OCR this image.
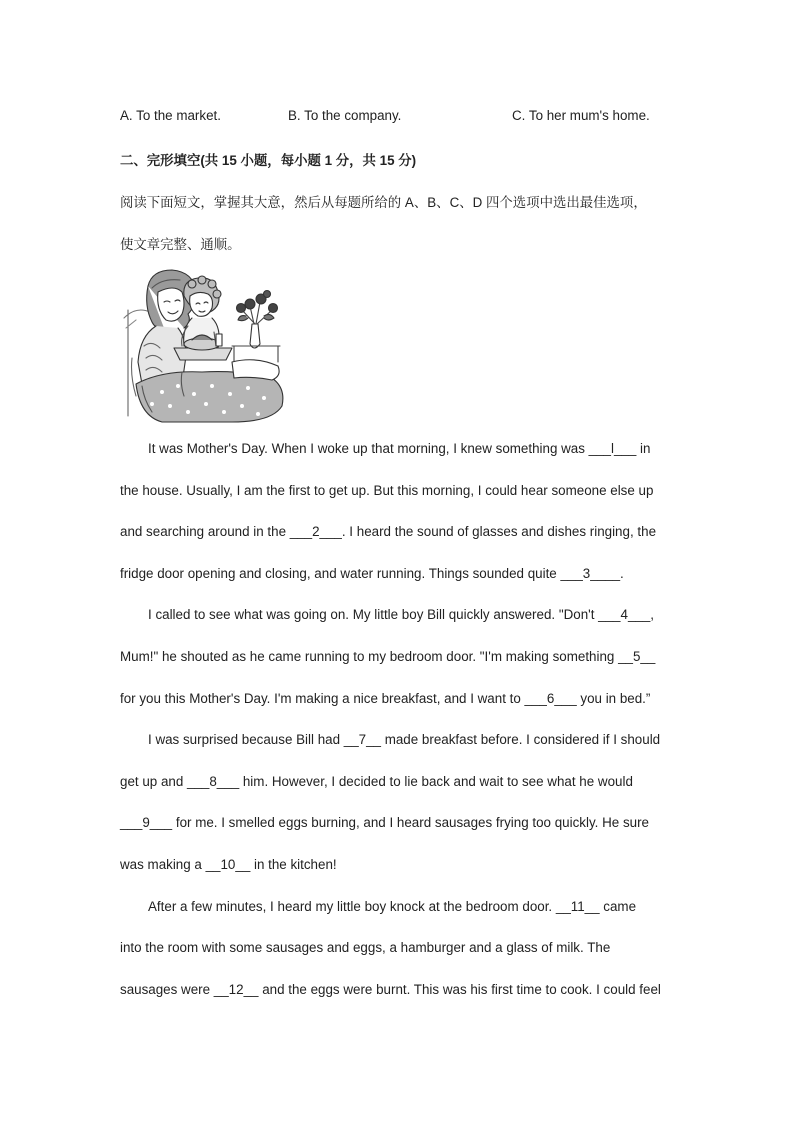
A. To the market.	B. To the company.	C. To her mum's home.
二、完形填空(共 15 小题，每小题 1 分，共 15 分)
阅读下面短文，掌握其大意，然后从每题所给的 A、B、C、D 四个选项中选出最佳选项，
使文章完整、通顺。
It was Mother's Day. When I woke up that morning, I knew something was ___l___ in
the house. Usually, I am the first to get up. But this morning, I could hear someone else up
and searching around in the ___2___. I heard the sound of glasses and dishes ringing, the
fridge door opening and closing, and water running. Things sounded quite ___3____.
I called to see what was going on. My little boy Bill quickly answered. "Don't ___4___,
Mum!" he shouted as he came running to my bedroom door. "I'm making something __5__
for you this Mother's Day. I'm making a nice breakfast, and I want to ___6___ you in bed.”
I was surprised because Bill had __7__ made breakfast before. I considered if I should
get up and ___8___ him. However, I decided to lie back and wait to see what he would
___9___ for me. I smelled eggs burning, and I heard sausages frying too quickly. He sure
was making a __10__ in the kitchen!
After a few minutes, I heard my little boy knock at the bedroom door. __11__ came
into the room with some sausages and eggs, a hamburger and a glass of milk. The
sausages were __12__ and the eggs were burnt. This was his first time to cook. I could feel
